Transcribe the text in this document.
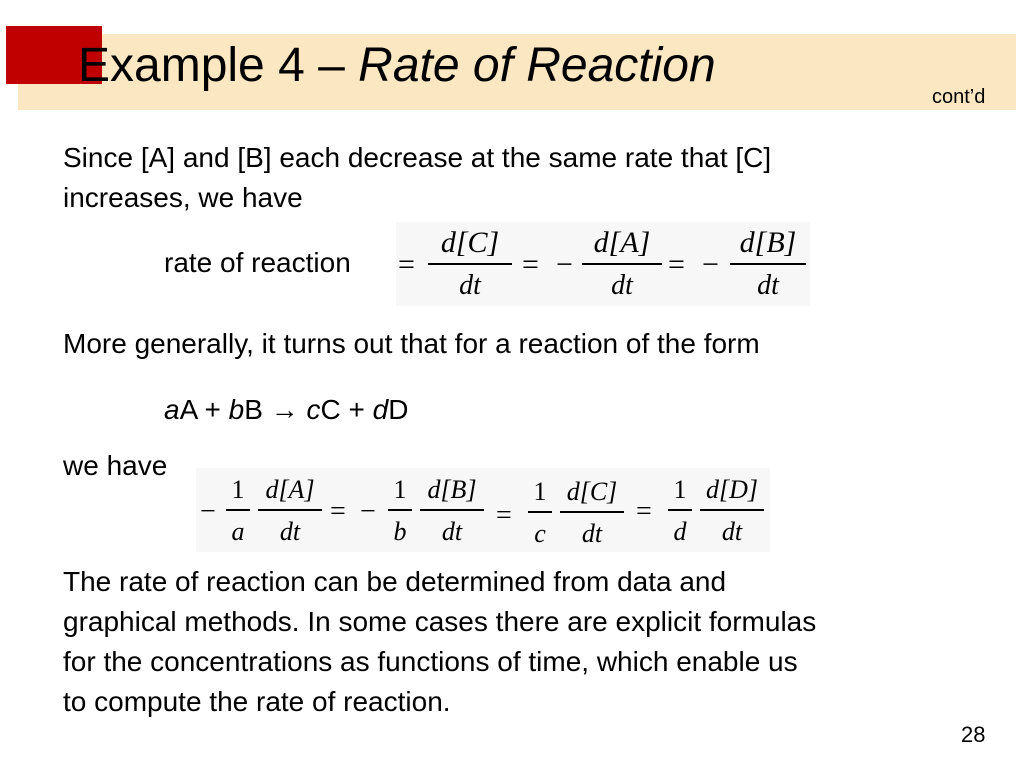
Example 4 – Rate of Reaction
cont’d
Since [A] and [B] each decrease at the same rate that [C]
increases, we have
rate of reaction =
d[C]
dt
= −
d[A]
dt
= −
d[B]
dt
More generally, it turns out that for a reaction of the form
aA + bB → cC + dD
we have
−
1
a
d[A]
dt
= −
1
b
d[B]
dt
=
1
c
d[C]
dt
=
1
d
d[D]
dt
The rate of reaction can be determined from data and
graphical methods. In some cases there are explicit formulas
for the concentrations as functions of time, which enable us
to compute the rate of reaction.
28
